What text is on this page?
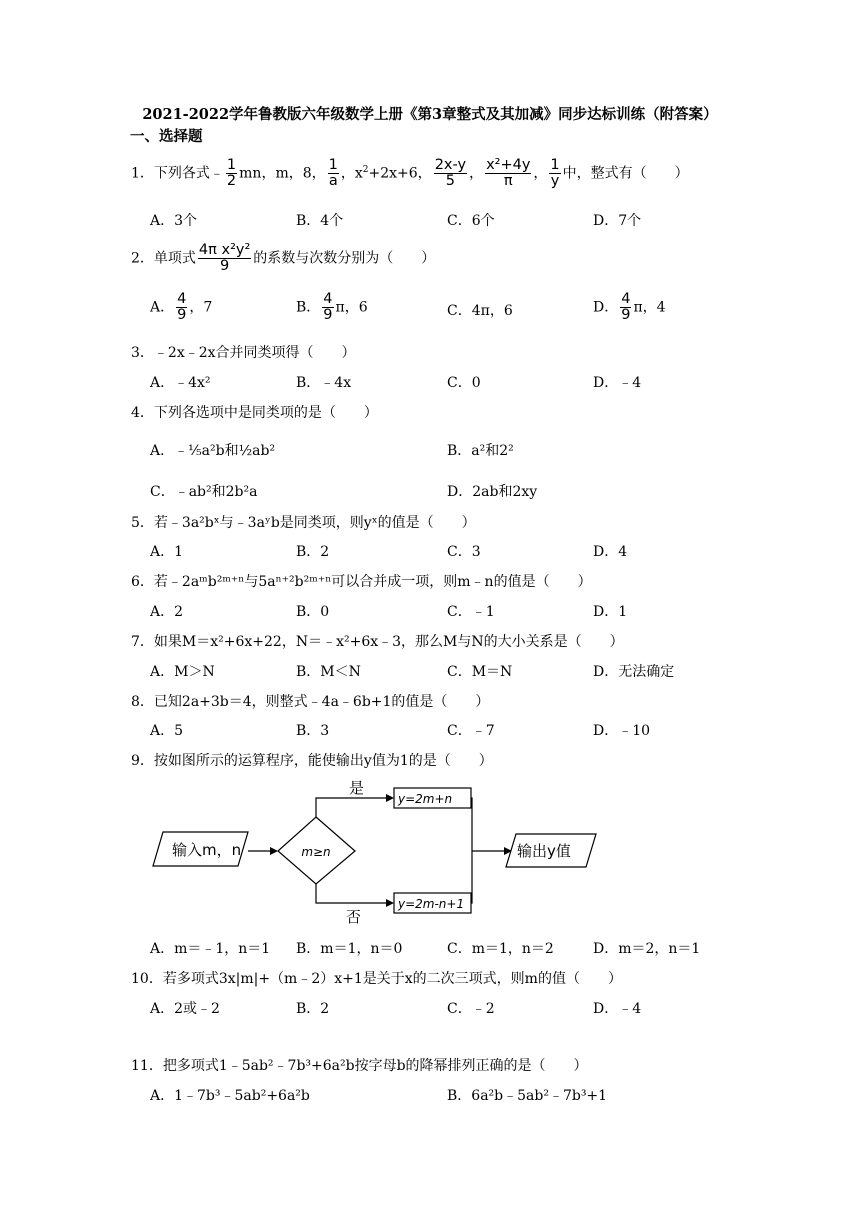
2021-2022学年鲁教版六年级数学上册《第3章整式及其加减》同步达标训练（附答案）
一、选择题
1．下列各式﹣ $\frac{1}{2}$ mn，m，8， $\frac{1}{a}$ ，$x^2+2x+6$， $\frac{2x-y}{5}$ ， $\frac{\text{x²+4y}}{\pi}$ ， $\frac{1}{y}$ 中，整式有（　　）
A．3个	B．4个	C．6个	D．7个
2．单项式 $\frac{\text{4π x²y²}}{9}$ 的系数与次数分别为（　　）
A． $\frac{4}{9}$ ，7	B． $\frac{4}{9}$ π，6	C．4π，6	D． $\frac{4}{9}$ π，4
3．﹣2x﹣2x合并同类项得（　　）
A．﹣4x²	B．﹣4x	C．0	D．﹣4
4．下列各选项中是同类项的是（　　）
A．﹣⅕a²b和½ab²	B．a²和2²
C．﹣ab²和2b²a	D．2ab和2xy
5．若﹣3a²bˣ与﹣3aʸb是同类项，则yˣ的值是（　　）
A．1	B．2	C．3	D．4
6．若﹣2aᵐb²ᵐ⁺ⁿ与5aⁿ⁺²b²ᵐ⁺ⁿ可以合并成一项，则m﹣n的值是（　　）
A．2	B．0	C．﹣1	D．1
7．如果M＝x²+6x+22，N＝﹣x²+6x﹣3，那么M与N的大小关系是（　　）
A．M＞N	B．M＜N	C．M＝N	D．无法确定
8．已知2a+3b＝4，则整式﹣4a﹣6b+1的值是（　　）
A．5	B．3	C．﹣7	D．﹣10
9．按如图所示的运算程序，能使输出y值为1的是（　　）
输入m，n	m≥n
是
y=2m+n
否
y=2m-n+1
输出y值
A．m＝﹣1，n＝1 B．m＝1，n＝0	C．m＝1，n＝2	D．m＝2，n＝1
10．若多项式3x|m|+（m﹣2）x+1是关于x的二次三项式，则m的值（　　）
A．2或﹣2	B．2	C．﹣2	D．﹣4
11．把多项式1﹣5ab²﹣7b³+6a²b按字母b的降幂排列正确的是（　　）
A．1﹣7b³﹣5ab²+6a²b	B．6a²b﹣5ab²﹣7b³+1
